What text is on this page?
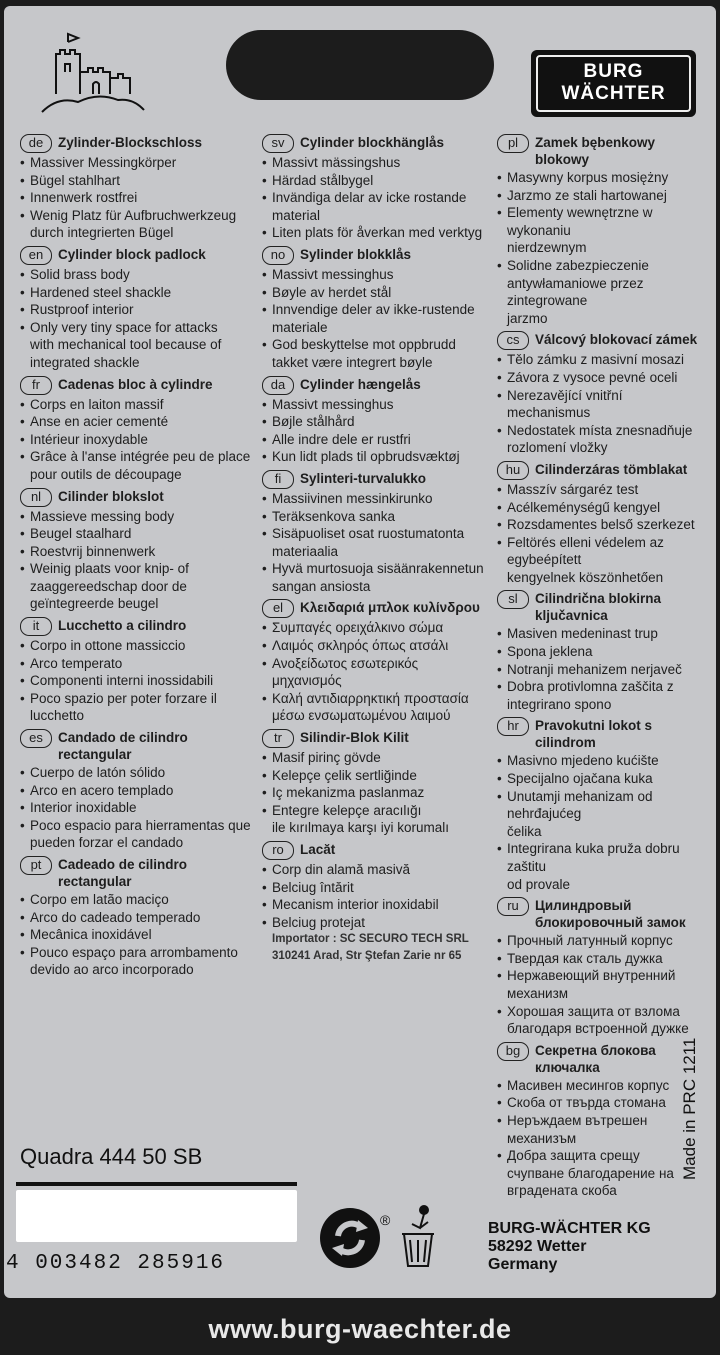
BURG
WÄCHTER
de	Zylinder-Blockschloss
• Massiver Messingkörper
• Bügel stahlhart
• Innenwerk rostfrei
• Wenig Platz für Aufbruchwerkzeug
durch integrierten Bügel
en	Cylinder block padlock
• Solid brass body
• Hardened steel shackle
• Rustproof interior
• Only very tiny space for attacks
with mechanical tool because of
integrated shackle
fr	Cadenas bloc à cylindre
• Corps en laiton massif
• Anse en acier cementé
• Intérieur inoxydable
• Grâce à l'anse intégrée peu de place
pour outils de découpage
nl	Cilinder blokslot
• Massieve messing body
• Beugel staalhard
• Roestvrij binnenwerk
• Weinig plaats voor knip- of
zaaggereedschap door de
geïntegreerde beugel
it	Lucchetto a cilindro
• Corpo in ottone massiccio
• Arco temperato
• Componenti interni inossidabili
• Poco spazio per poter forzare il
lucchetto
es	Candado de cilindro rectangular
• Cuerpo de latón sólido
• Arco en acero templado
• Interior inoxidable
• Poco espacio para hierramentas que
pueden forzar el candado
pt	Cadeado de cilindro rectangular
• Corpo em latão maciço
• Arco do cadeado temperado
• Mecânica inoxidável
• Pouco espaço para arrombamento
devido ao arco incorporado
sv	Cylinder blockhänglås
• Massivt mässingshus
• Härdad stålbygel
• Invändiga delar av icke rostande
material
• Liten plats för åverkan med verktyg
no	Sylinder blokklås
• Massivt messinghus
• Bøyle av herdet stål
• Innvendige deler av ikke-rustende
materiale
• God beskyttelse mot oppbrudd
takket være integrert bøyle
da	Cylinder hængelås
• Massivt messinghus
• Bøjle stålhård
• Alle indre dele er rustfri
• Kun lidt plads til opbrudsvæktøj
fi	Sylinteri-turvalukko
• Massiivinen messinkirunko
• Teräksenkova sanka
• Sisäpuoliset osat ruostumatonta
materiaalia
• Hyvä murtosuoja sisäänrakennetun
sangan ansiosta
el	Κλειδαριά μπλοκ κυλίνδρου
• Συμπαγές ορειχάλκινο σώμα
• Λαιμός σκληρός όπως ατσάλι
• Ανοξείδωτος εσωτερικός
μηχανισμός
• Καλή αντιδιαρρηκτική προστασία
μέσω ενσωματωμένου λαιμού
tr	Silindir-Blok Kilit
• Masif pirinç gövde
• Kelepçe çelik sertliğinde
• Iç mekanizma paslanmaz
• Entegre kelepçe aracılığı
ile kırılmaya karşı iyi korumalı
ro	Lacăt
• Corp din alamă masivă
• Belciug întărit
• Mecanism interior inoxidabil
• Belciug protejat
Importator : SC SECURO TECH SRL
310241 Arad, Str Ştefan Zarie nr 65
pl	Zamek bębenkowy blokowy
• Masywny korpus mosiężny
• Jarzmo ze stali hartowanej
• Elementy wewnętrzne w wykonaniu
nierdzewnym
• Solidne zabezpieczenie
antywłamaniowe przez zintegrowane
jarzmo
cs	Válcový blokovací zámek
• Tělo zámku z masivní mosazi
• Závora z vysoce pevné oceli
• Nerezavějící vnitřní mechanismus
• Nedostatek místa znesnadňuje
rozlomení vložky
hu	Cilinderzáras tömblakat
• Masszív sárgaréz test
• Acélkeménységű kengyel
• Rozsdamentes belső szerkezet
• Feltörés elleni védelem az
egybeépített
kengyelnek köszönhetően
sl	Cilindrična blokirna ključavnica
• Masiven medeninast trup
• Spona jeklena
• Notranji mehanizem nerjaveč
• Dobra protivlomna zaščita z
integrirano spono
hr	Pravokutni lokot s cilindrom
• Masivno mjedeno kućište
• Specijalno ojačana kuka
• Unutamji mehanizam od nehrđajućeg
čelika
• Integrirana kuka pruža dobru zaštitu
od provale
ru	Цилиндровый блокировочный замок
• Прочный латунный корпус
• Твердая как сталь дужка
• Нержавеющий внутренний
механизм
• Хорошая защита от взлома
благодаря встроенной дужке
bg	Секретна блокова ключалка
• Масивен месингов корпус
• Скоба от твърда стомана
• Неръждаем вътрешен
механизъм
• Добра защита срещу
счупване благодарение на
вградената скоба
Quadra 444 50 SB
4 003482 285916
®	BURG-WÄCHTER KG
58292 Wetter
Germany
Made in PRC 1211
www.burg-waechter.de
